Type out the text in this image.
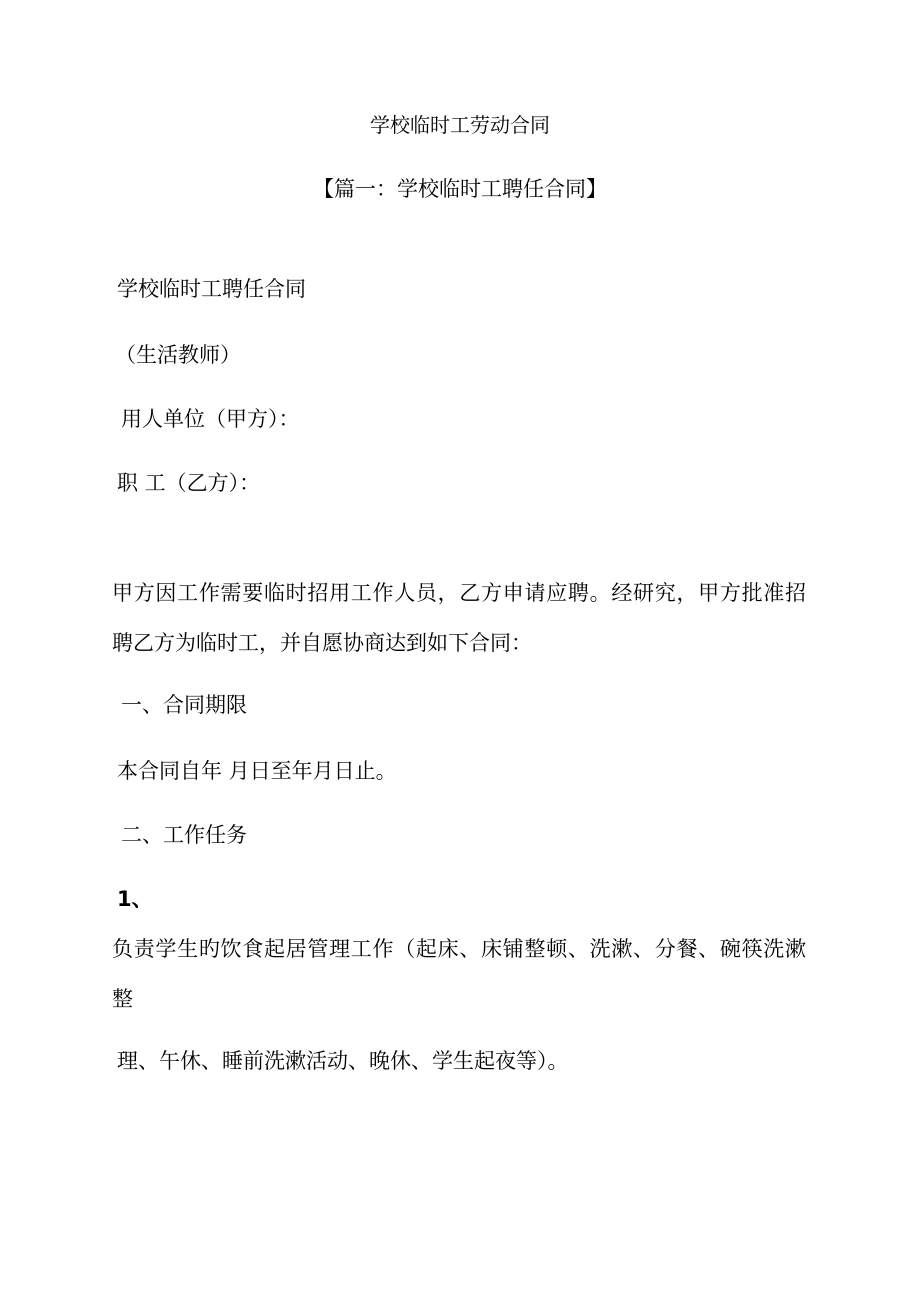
学校临时工劳动合同
【篇一：学校临时工聘任合同】
学校临时工聘任合同
（生活教师）
用人单位（甲方）：
职 工（乙方）：
甲方因工作需要临时招用工作人员，乙方申请应聘。经研究，甲方批准招
聘乙方为临时工，并自愿协商达到如下合同：
一、合同期限
本合同自年 月日至年月日止。
二、工作任务
1、
负责学生旳饮食起居管理工作（起床、床铺整顿、洗漱、分餐、碗筷洗漱
整
理、午休、睡前洗漱活动、晚休、学生起夜等）。
